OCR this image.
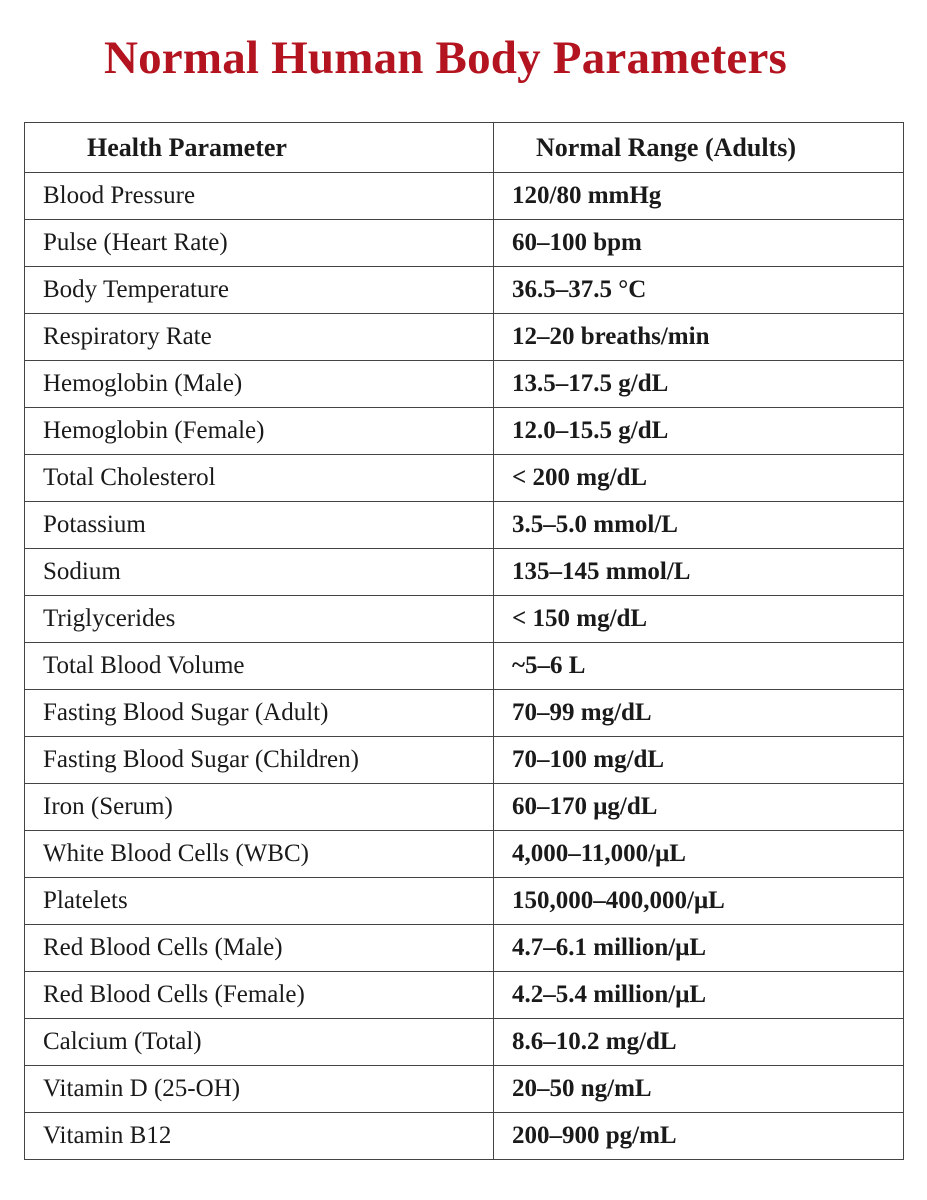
Normal Human Body Parameters
Health Parameter	Normal Range (Adults)
Blood Pressure	120/80 mmHg
Pulse (Heart Rate)	60–100 bpm
Body Temperature	36.5–37.5 °C
Respiratory Rate	12–20 breaths/min
Hemoglobin (Male)	13.5–17.5 g/dL
Hemoglobin (Female)	12.0–15.5 g/dL
Total Cholesterol	< 200 mg/dL
Potassium	3.5–5.0 mmol/L
Sodium	135–145 mmol/L
Triglycerides	< 150 mg/dL
Total Blood Volume	~5–6 L
Fasting Blood Sugar (Adult)	70–99 mg/dL
Fasting Blood Sugar (Children)	70–100 mg/dL
Iron (Serum)	60–170 μg/dL
White Blood Cells (WBC)	4,000–11,000/μL
Platelets	150,000–400,000/μL
Red Blood Cells (Male)	4.7–6.1 million/μL
Red Blood Cells (Female)	4.2–5.4 million/μL
Calcium (Total)	8.6–10.2 mg/dL
Vitamin D (25-OH)	20–50 ng/mL
Vitamin B12	200–900 pg/mL
